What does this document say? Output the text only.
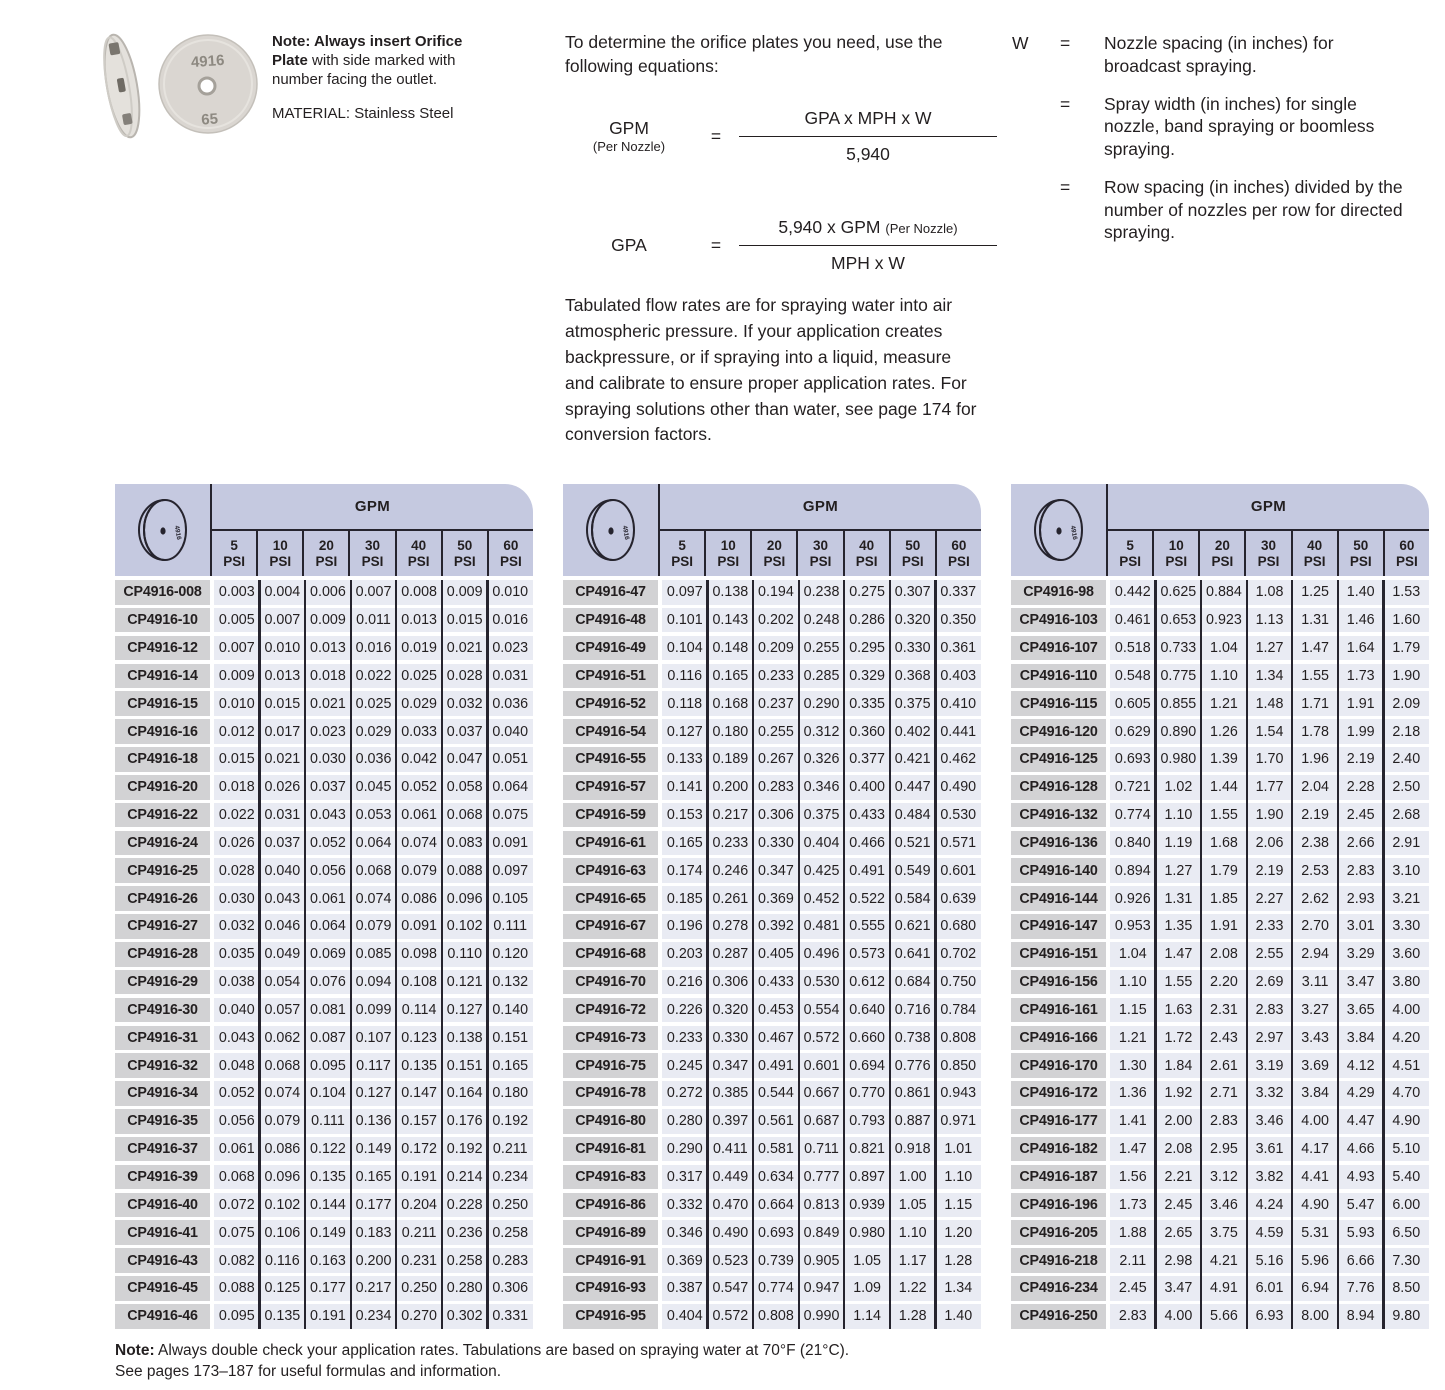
4916
65
Note: Always insert Orifice Plate with side marked with number facing the outlet.
MATERIAL: Stainless Steel
To determine the orifice plates you need, use the following equations:
GPM
(Per Nozzle)
=	$\frac{\text{GPA x MPH x W}}{5,940}$
GPA	=	$\frac{\text{5,940 x GPM (Per Nozzle)}}{\text{MPH x W}}$
W	=	Nozzle spacing (in inches) for broadcast spraying.
=	Spray width (in inches) for single nozzle, band spraying or boomless spraying.
=	Row spacing (in inches) divided by the number of nozzles per row for directed spraying.
Tabulated flow rates are for spraying water into air atmospheric pressure. If your application creates backpressure, or if spraying into a liquid, measure and calibrate to ensure proper application rates. For spraying solutions other than water, see page 174 for conversion factors.
4916
GPM
5
PSI
10
PSI
20
PSI
30
PSI
40
PSI
50
PSI
60
PSI
CP4916-008	0.003 0.004 0.006 0.007 0.008 0.009 0.010
CP4916-10	0.005 0.007 0.009 0.011 0.013 0.015 0.016
CP4916-12	0.007 0.010 0.013 0.016 0.019 0.021 0.023
CP4916-14	0.009 0.013 0.018 0.022 0.025 0.028 0.031
CP4916-15	0.010 0.015 0.021 0.025 0.029 0.032 0.036
CP4916-16	0.012 0.017 0.023 0.029 0.033 0.037 0.040
CP4916-18	0.015 0.021 0.030 0.036 0.042 0.047 0.051
CP4916-20	0.018 0.026 0.037 0.045 0.052 0.058 0.064
CP4916-22	0.022 0.031 0.043 0.053 0.061 0.068 0.075
CP4916-24	0.026 0.037 0.052 0.064 0.074 0.083 0.091
CP4916-25	0.028 0.040 0.056 0.068 0.079 0.088 0.097
CP4916-26	0.030 0.043 0.061 0.074 0.086 0.096 0.105
CP4916-27	0.032 0.046 0.064 0.079 0.091 0.102 0.111
CP4916-28	0.035 0.049 0.069 0.085 0.098 0.110 0.120
CP4916-29	0.038 0.054 0.076 0.094 0.108 0.121 0.132
CP4916-30	0.040 0.057 0.081 0.099 0.114 0.127 0.140
CP4916-31	0.043 0.062 0.087 0.107 0.123 0.138 0.151
CP4916-32	0.048 0.068 0.095 0.117 0.135 0.151 0.165
CP4916-34	0.052 0.074 0.104 0.127 0.147 0.164 0.180
CP4916-35	0.056 0.079 0.111 0.136 0.157 0.176 0.192
CP4916-37	0.061 0.086 0.122 0.149 0.172 0.192 0.211
CP4916-39	0.068 0.096 0.135 0.165 0.191 0.214 0.234
CP4916-40	0.072 0.102 0.144 0.177 0.204 0.228 0.250
CP4916-41	0.075 0.106 0.149 0.183 0.211 0.236 0.258
CP4916-43	0.082 0.116 0.163 0.200 0.231 0.258 0.283
CP4916-45	0.088 0.125 0.177 0.217 0.250 0.280 0.306
CP4916-46	0.095 0.135 0.191 0.234 0.270 0.302 0.331
4916
GPM
5
PSI
10
PSI
20
PSI
30
PSI
40
PSI
50
PSI
60
PSI
CP4916-47	0.097 0.138 0.194 0.238 0.275 0.307 0.337
CP4916-48	0.101 0.143 0.202 0.248 0.286 0.320 0.350
CP4916-49	0.104 0.148 0.209 0.255 0.295 0.330 0.361
CP4916-51	0.116 0.165 0.233 0.285 0.329 0.368 0.403
CP4916-52	0.118 0.168 0.237 0.290 0.335 0.375 0.410
CP4916-54	0.127 0.180 0.255 0.312 0.360 0.402 0.441
CP4916-55	0.133 0.189 0.267 0.326 0.377 0.421 0.462
CP4916-57	0.141 0.200 0.283 0.346 0.400 0.447 0.490
CP4916-59	0.153 0.217 0.306 0.375 0.433 0.484 0.530
CP4916-61	0.165 0.233 0.330 0.404 0.466 0.521 0.571
CP4916-63	0.174 0.246 0.347 0.425 0.491 0.549 0.601
CP4916-65	0.185 0.261 0.369 0.452 0.522 0.584 0.639
CP4916-67	0.196 0.278 0.392 0.481 0.555 0.621 0.680
CP4916-68	0.203 0.287 0.405 0.496 0.573 0.641 0.702
CP4916-70	0.216 0.306 0.433 0.530 0.612 0.684 0.750
CP4916-72	0.226 0.320 0.453 0.554 0.640 0.716 0.784
CP4916-73	0.233 0.330 0.467 0.572 0.660 0.738 0.808
CP4916-75	0.245 0.347 0.491 0.601 0.694 0.776 0.850
CP4916-78	0.272 0.385 0.544 0.667 0.770 0.861 0.943
CP4916-80	0.280 0.397 0.561 0.687 0.793 0.887 0.971
CP4916-81	0.290 0.411 0.581 0.711 0.821 0.918 1.01
CP4916-83	0.317 0.449 0.634 0.777 0.897 1.00	1.10
CP4916-86	0.332 0.470 0.664 0.813 0.939 1.05	1.15
CP4916-89	0.346 0.490 0.693 0.849 0.980 1.10	1.20
CP4916-91	0.369 0.523 0.739 0.905 1.05	1.17	1.28
CP4916-93	0.387 0.547 0.774 0.947 1.09	1.22	1.34
CP4916-95	0.404 0.572 0.808 0.990 1.14	1.28	1.40
4916
GPM
5
PSI
10
PSI
20
PSI
30
PSI
40
PSI
50
PSI
60
PSI
CP4916-98	0.442 0.625 0.884 1.08	1.25	1.40	1.53
CP4916-103	0.461 0.653 0.923 1.13	1.31	1.46	1.60
CP4916-107	0.518 0.733 1.04	1.27	1.47	1.64	1.79
CP4916-110	0.548 0.775 1.10	1.34	1.55	1.73	1.90
CP4916-115	0.605 0.855 1.21	1.48	1.71	1.91	2.09
CP4916-120	0.629 0.890 1.26	1.54	1.78	1.99	2.18
CP4916-125	0.693 0.980 1.39	1.70	1.96	2.19	2.40
CP4916-128	0.721 1.02	1.44	1.77	2.04	2.28	2.50
CP4916-132	0.774 1.10	1.55	1.90	2.19	2.45	2.68
CP4916-136	0.840 1.19	1.68	2.06	2.38	2.66	2.91
CP4916-140	0.894 1.27	1.79	2.19	2.53	2.83	3.10
CP4916-144	0.926 1.31	1.85	2.27	2.62	2.93	3.21
CP4916-147	0.953 1.35	1.91	2.33	2.70	3.01	3.30
CP4916-151	1.04	1.47	2.08	2.55	2.94	3.29	3.60
CP4916-156	1.10	1.55	2.20	2.69	3.11	3.47	3.80
CP4916-161	1.15	1.63	2.31	2.83	3.27	3.65	4.00
CP4916-166	1.21	1.72	2.43	2.97	3.43	3.84	4.20
CP4916-170	1.30	1.84	2.61	3.19	3.69	4.12	4.51
CP4916-172	1.36	1.92	2.71	3.32	3.84	4.29	4.70
CP4916-177	1.41	2.00	2.83	3.46	4.00	4.47	4.90
CP4916-182	1.47	2.08	2.95	3.61	4.17	4.66	5.10
CP4916-187	1.56	2.21	3.12	3.82	4.41	4.93	5.40
CP4916-196	1.73	2.45	3.46	4.24	4.90	5.47	6.00
CP4916-205	1.88	2.65	3.75	4.59	5.31	5.93	6.50
CP4916-218	2.11	2.98	4.21	5.16	5.96	6.66	7.30
CP4916-234	2.45	3.47	4.91	6.01	6.94	7.76	8.50
CP4916-250	2.83	4.00	5.66	6.93	8.00	8.94	9.80
Note: Always double check your application rates. Tabulations are based on spraying water at 70°F (21°C).
See pages 173–187 for useful formulas and information.
